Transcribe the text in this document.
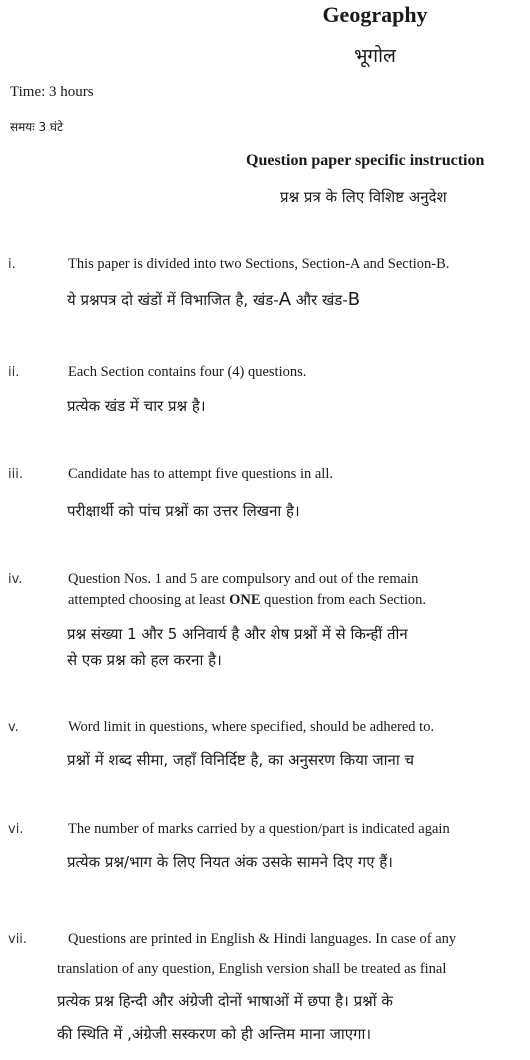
Geography
भूगोल
Time: 3 hours
समयः 3 घंटे
Question paper specific instruction
प्रश्न प्रत्र के लिए विशिष्ट अनुदेश
i.	This paper is divided into two Sections, Section-A and Section-B.
ये प्रश्नपत्र दो खंडों में विभाजित है, खंड-A और खंड-B
ii.	Each Section contains four (4) questions.
प्रत्येक खंड में चार प्रश्न है।
iii.	Candidate has to attempt five questions in all.
परीक्षार्थी को पांच प्रश्नों का उत्तर लिखना है।
iv.	Question Nos. 1 and 5 are compulsory and out of the remain
attempted choosing at least ONE question from each Section.
प्रश्न संख्या 1 और 5 अनिवार्य है और शेष प्रश्नों में से किन्हीं तीन
से एक प्रश्न को हल करना है।
v.	Word limit in questions, where specified, should be adhered to.
प्रश्नों में शब्द सीमा, जहाँ विनिर्दिष्ट है, का अनुसरण किया जाना च
vi.	The number of marks carried by a question/part is indicated again
प्रत्येक प्रश्न/भाग के लिए नियत अंक उसके सामने दिए गए हैं।
vii.	Questions are printed in English & Hindi languages. In case of any
translation of any question, English version shall be treated as final
प्रत्येक प्रश्न हिन्दी और अंग्रेजी दोनों भाषाओं में छपा है। प्रश्नों के
की स्थिति में ,अंग्रेजी सस्करण को ही अन्तिम माना जाएगा।
